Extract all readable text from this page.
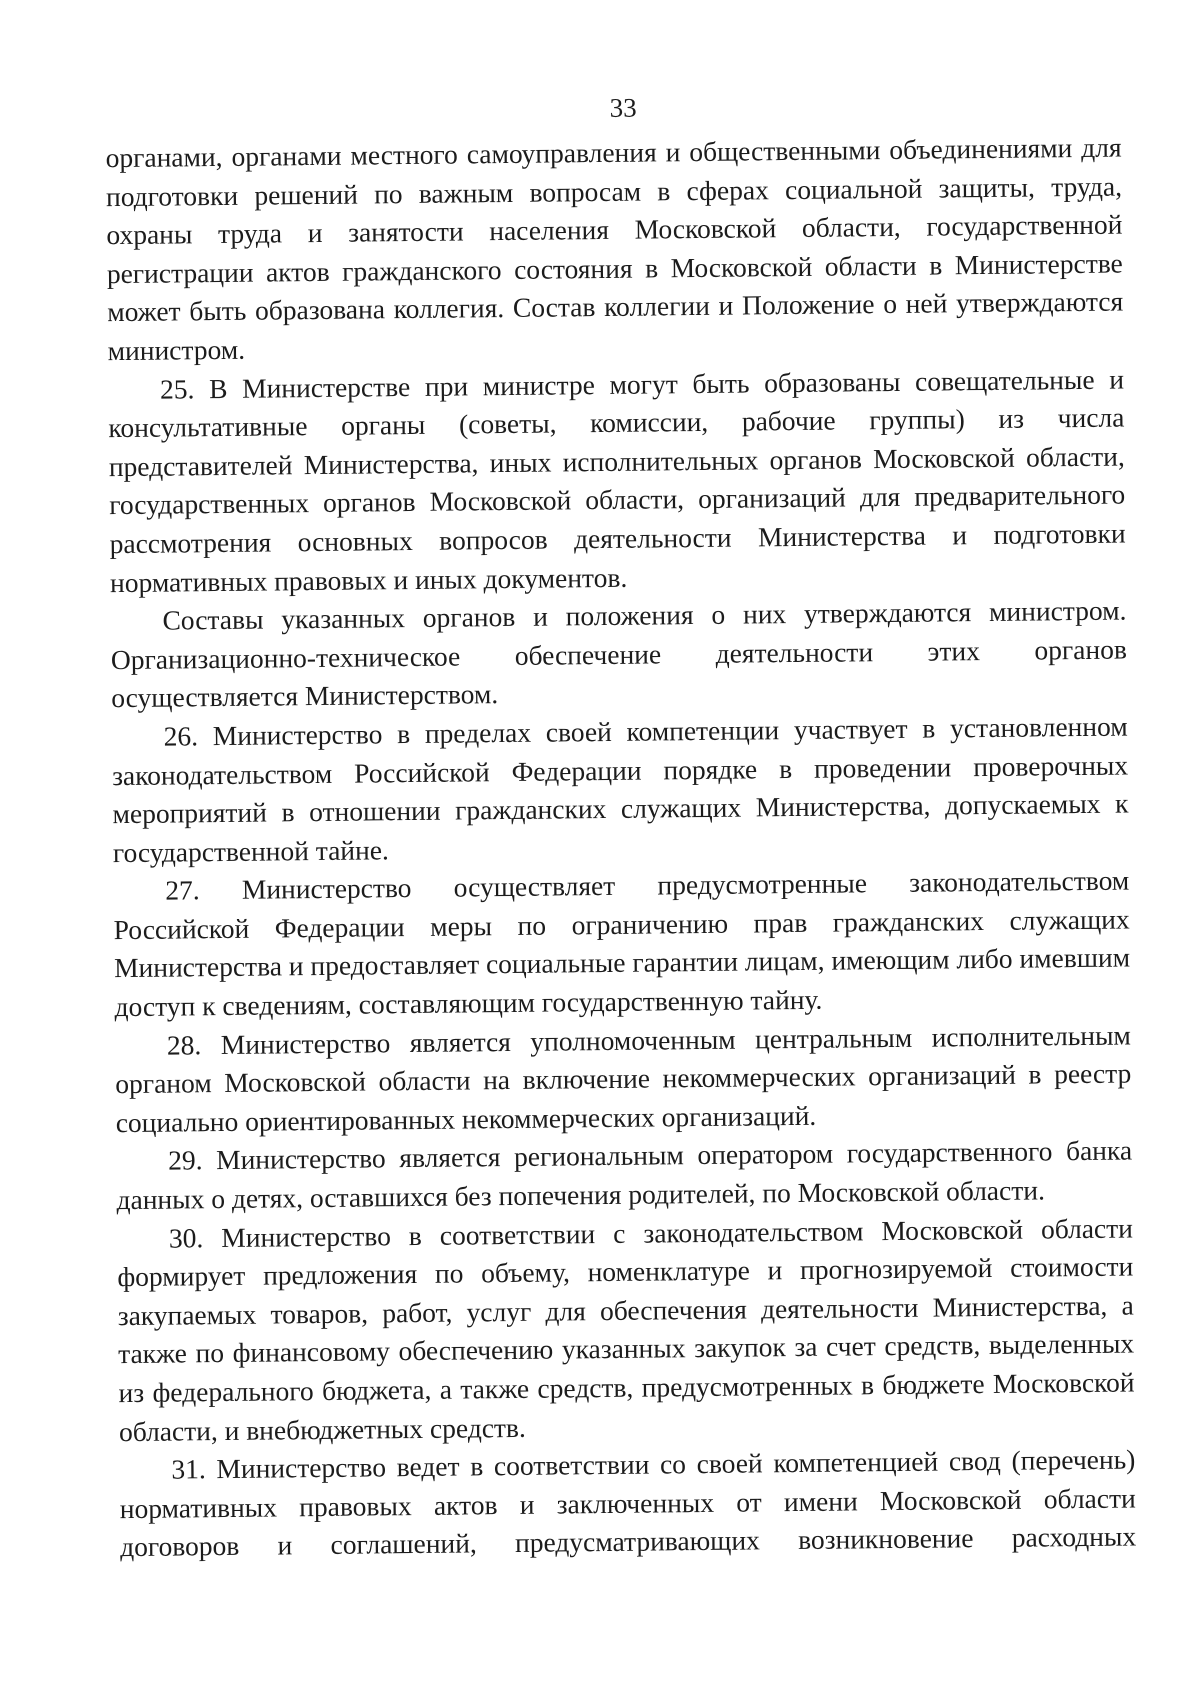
33

органами, органами местного самоуправления и общественными объединениями для подготовки решений по важным вопросам в сферах социальной защиты, труда, охраны труда и занятости населения Московской области, государственной регистрации актов гражданского состояния в Московской области в Министерстве может быть образована коллегия. Состав коллегии и Положение о ней утверждаются министром.

25. В Министерстве при министре могут быть образованы совещательные и консультативные органы (советы, комиссии, рабочие группы) из числа представителей Министерства, иных исполнительных органов Московской области, государственных органов Московской области, организаций для предварительного рассмотрения основных вопросов деятельности Министерства и подготовки нормативных правовых и иных документов.

Составы указанных органов и положения о них утверждаются министром. Организационно-техническое обеспечение деятельности этих органов осуществляется Министерством.

26. Министерство в пределах своей компетенции участвует в установленном законодательством Российской Федерации порядке в проведении проверочных мероприятий в отношении гражданских служащих Министерства, допускаемых к государственной тайне.

27. Министерство осуществляет предусмотренные законодательством Российской Федерации меры по ограничению прав гражданских служащих Министерства и предоставляет социальные гарантии лицам, имеющим либо имевшим доступ к сведениям, составляющим государственную тайну.

28. Министерство является уполномоченным центральным исполнительным органом Московской области на включение некоммерческих организаций в реестр социально ориентированных некоммерческих организаций.

29. Министерство является региональным оператором государственного банка данных о детях, оставшихся без попечения родителей, по Московской области.

30. Министерство в соответствии с законодательством Московской области формирует предложения по объему, номенклатуре и прогнозируемой стоимости закупаемых товаров, работ, услуг для обеспечения деятельности Министерства, а также по финансовому обеспечению указанных закупок за счет средств, выделенных из федерального бюджета, а также средств, предусмотренных в бюджете Московской области, и внебюджетных средств.

31. Министерство ведет в соответствии со своей компетенцией свод (перечень) нормативных правовых актов и заключенных от имени Московской области договоров и соглашений, предусматривающих возникновение расходных
